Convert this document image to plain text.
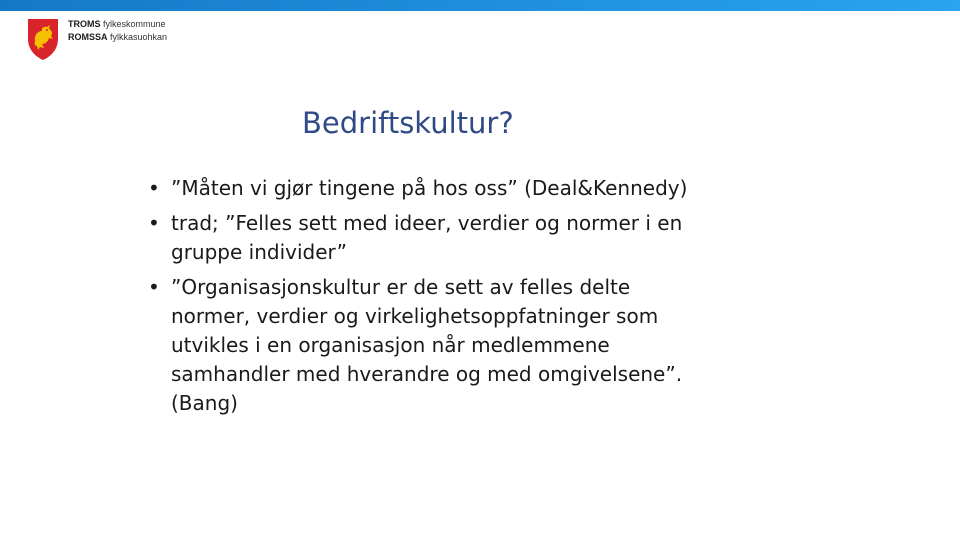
TROMS fylkeskommune
ROMSSA fylkkasuohkan
Bedriftskultur?
• ”Måten vi gjør tingene på hos oss” (Deal&Kennedy)
• trad; ”Felles sett med ideer, verdier og normer i en gruppe individer”
• ”Organisasjonskultur er de sett av felles delte normer, verdier og virkelighetsoppfatninger som utvikles i en organisasjon når medlemmene samhandler med hverandre og med omgivelsene”. (Bang)
